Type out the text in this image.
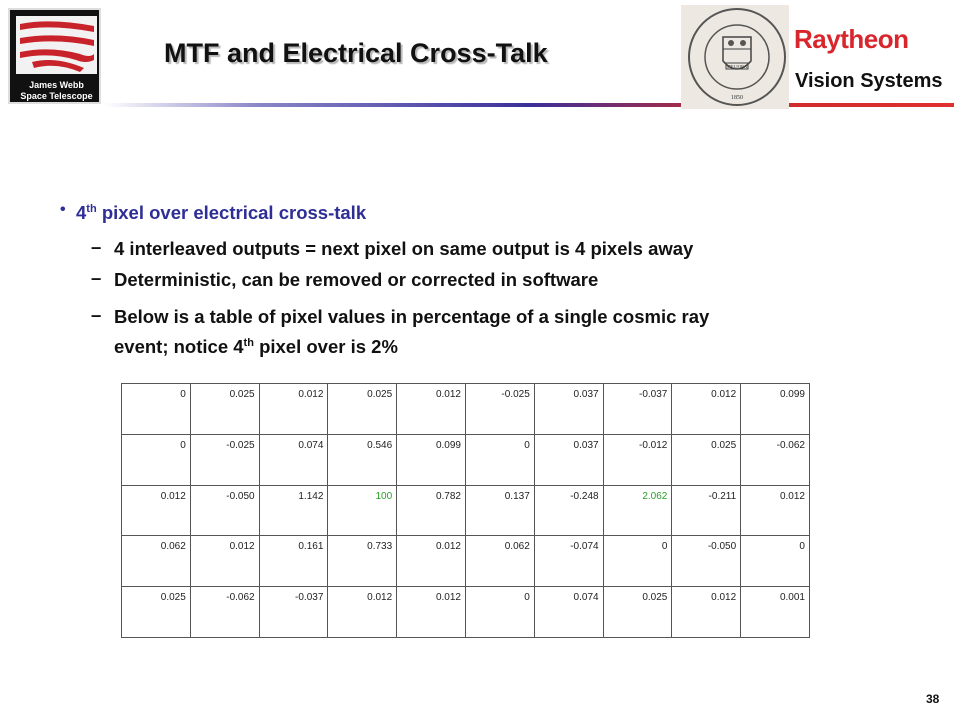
James Webb
Space Telescope
MTF and Electrical Cross-Talk	MELIORA
1850
Raytheon
Vision Systems
• 4th pixel over electrical cross-talk
– 4 interleaved outputs = next pixel on same output is 4 pixels away
– Deterministic, can be removed or corrected in software
– Below is a table of pixel values in percentage of a single cosmic ray
event; notice 4th pixel over is 2%
0	0.025	0.012	0.025	0.012	-0.025	0.037	-0.037	0.012	0.099
0	-0.025	0.074	0.546	0.099	0	0.037	-0.012	0.025	-0.062
0.012	-0.050	1.142	100	0.782	0.137	-0.248	2.062	-0.211	0.012
0.062	0.012	0.161	0.733	0.012	0.062	-0.074	0	-0.050	0
0.025	-0.062	-0.037	0.012	0.012	0	0.074	0.025	0.012	0.001
38
